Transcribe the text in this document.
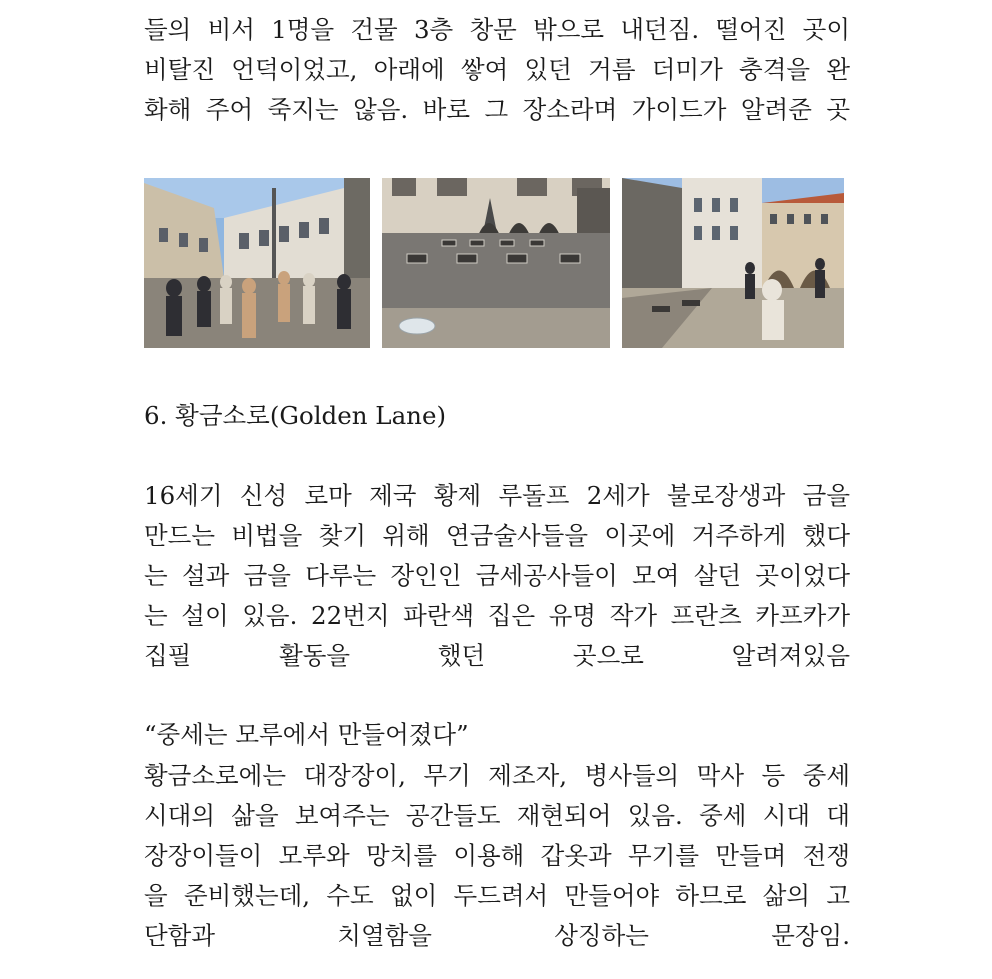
들의 비서 1명을 건물 3층 창문 밖으로 내던짐. 떨어진 곳이
비탈진 언덕이었고, 아래에 쌓여 있던 거름 더미가 충격을 완
화해 주어 죽지는 않음. 바로 그 장소라며 가이드가 알려준 곳

6. 황금소로(Golden Lane)

16세기 신성 로마 제국 황제 루돌프 2세가 불로장생과 금을
만드는 비법을 찾기 위해 연금술사들을 이곳에 거주하게 했다
는 설과 금을 다루는 장인인 금세공사들이 모여 살던 곳이었다
는 설이 있음. 22번지 파란색 집은 유명 작가 프란츠 카프카가
집필 활동을 했던 곳으로 알려져있음

“중세는 모루에서 만들어졌다”

황금소로에는 대장장이, 무기 제조자, 병사들의 막사 등 중세
시대의 삶을 보여주는 공간들도 재현되어 있음. 중세 시대 대
장장이들이 모루와 망치를 이용해 갑옷과 무기를 만들며 전쟁
을 준비했는데, 수도 없이 두드려서 만들어야 하므로 삶의 고
단함과 치열함을 상징하는 문장임.
